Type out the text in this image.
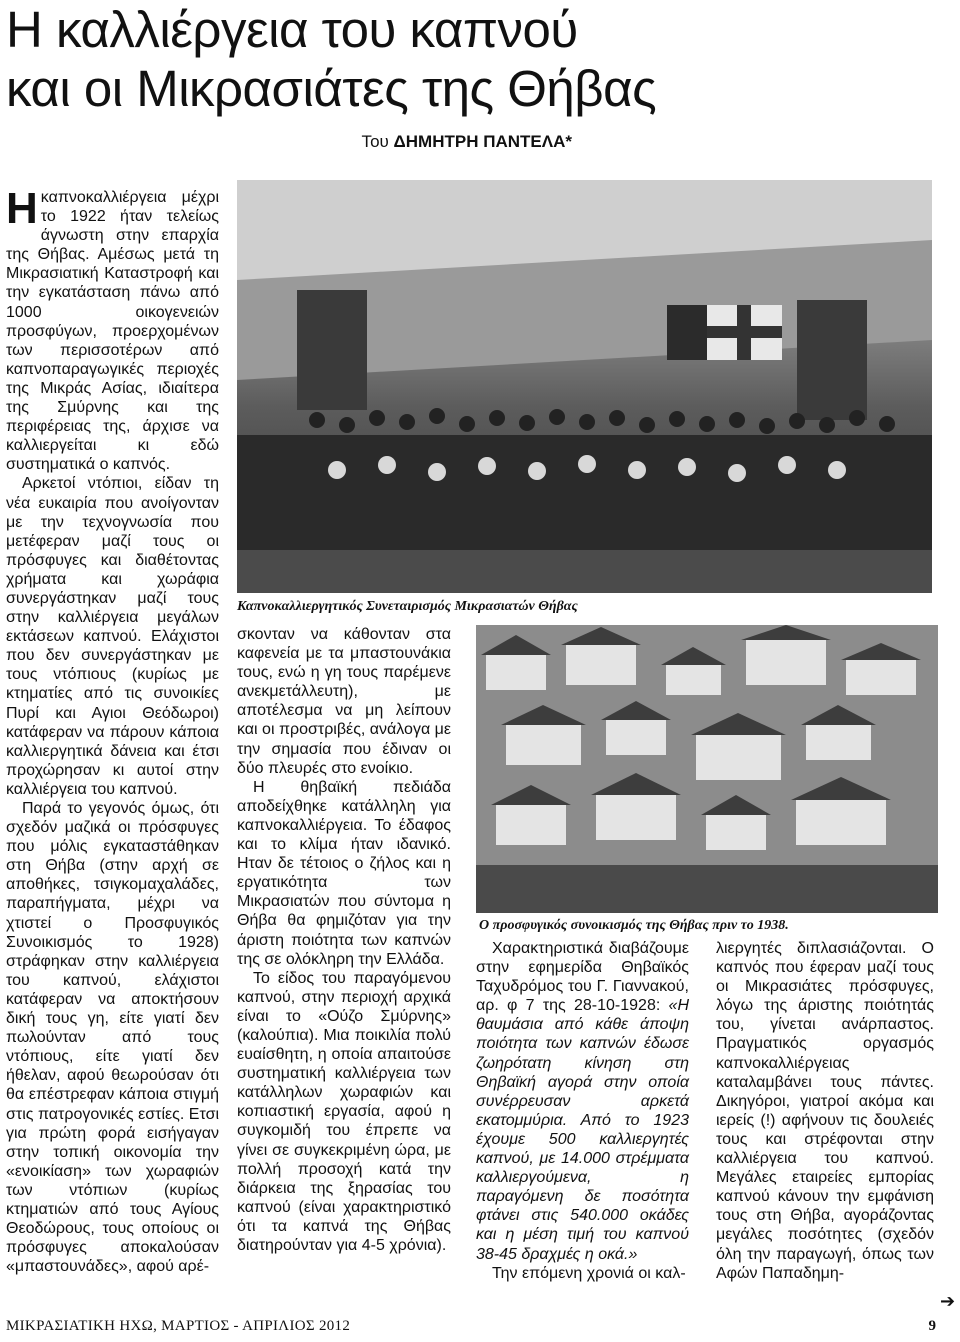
Η καλλιέργεια του καπνού
και οι Μικρασιάτες της Θήβας
Του ΔΗΜΗΤΡΗ ΠΑΝΤΕΛΑ*

Ηκαπνοκαλλιέργεια μέχρι το 1922 ήταν τελείως άγνωστη στην επαρχία της Θήβας. Αμέσως μετά τη Μικρασιατική Καταστροφή και την εγκατάσταση πάνω από 1000 οικογενειών προσφύγων, προερχομένων των περισσοτέρων από καπνοπαραγωγικές περιοχές της Μικράς Ασίας, ιδιαίτερα της Σμύρνης και της περιφέρειας της, άρχισε να καλλιεργείται κι εδώ συστηματικά ο καπνός.

Αρκετοί ντόπιοι, είδαν τη νέα ευκαιρία που ανοίγονταν με την τεχνογνωσία που μετέφεραν μαζί τους οι πρόσφυγες και διαθέτοντας χρήματα και χωράφια συνεργάστηκαν μαζί τους στην καλλιέργεια μεγάλων εκτάσεων καπνού. Ελάχιστοι που δεν συνεργάστηκαν με τους ντόπιους (κυρίως με κτηματίες από τις συνοικίες Πυρί και Αγιοι Θεόδωροι) κατάφεραν να πάρουν κάποια καλλιεργητικά δάνεια και έτσι προχώρησαν κι αυτοί στην καλλιέργεια του καπνού.

Παρά το γεγονός όμως, ότι σχεδόν μαζικά οι πρόσφυγες που μόλις εγκαταστάθηκαν στη Θήβα (στην αρχή σε αποθήκες, τσιγκομαχαλάδες, παραπήγματα, μέχρι να χτιστεί ο Προσφυγικός Συνοικισμός το 1928) στράφηκαν στην καλλιέργεια του καπνού, ελάχιστοι κατάφεραν να αποκτήσουν δική τους γη, είτε γιατί δεν πωλούνταν από τους ντόπιους, είτε γιατί δεν ήθελαν, αφού θεωρούσαν ότι θα επέστρεφαν κάποια στιγμή στις πατρογονικές εστίες. Ετσι για πρώτη φορά εισήγαγαν στην τοπική οικονομία την «ενοικίαση» των χωραφιών των ντόπιων (κυρίως κτηματιών από τους Αγίους Θεοδώρους, τους οποίους οι πρόσφυγες αποκαλούσαν «μπαστουνάδες», αφού αρέ-

Καπνοκαλλιεργητικός Συνεταιρισμός Μικρασιατών Θήβας

σκονταν να κάθονταν στα καφενεία με τα μπαστουνάκια τους, ενώ η γη τους παρέμενε ανεκμετάλλευτη), με αποτέλεσμα να μη λείπουν και οι προστριβές, ανάλογα με την σημασία που έδιναν οι δύο πλευρές στο ενοίκιο.

Η θηβαϊκή πεδιάδα αποδείχθηκε κατάλληλη για καπνοκαλλιέργεια. Το έδαφος και το κλίμα ήταν ιδανικό. Ηταν δε τέτοιος ο ζήλος και η εργατικότητα των Μικρασιατών που σύντομα η Θήβα θα φημιζόταν για την άριστη ποιότητα των καπνών της σε ολόκληρη την Ελλάδα.

Το είδος του παραγόμενου καπνού, στην περιοχή αρχικά είναι το «Ούζο Σμύρνης» (καλούπια). Μια ποικιλία πολύ ευαίσθητη, η οποία απαιτούσε συστηματική καλλιέργεια των κατάλληλων χωραφιών και κοπιαστική εργασία, αφού η συγκομιδή του έπρεπε να γίνει σε συγκεκριμένη ώρα, με πολλή προσοχή κατά την διάρκεια της ξηρασίας του καπνού (είναι χαρακτηριστικό ότι τα καπνά της Θήβας διατηρούνταν για 4-5 χρόνια).

Ο προσφυγικός συνοικισμός της Θήβας πριν το 1938.

Χαρακτηριστικά διαβάζουμε στην εφημερίδα Θηβαϊκός Ταχυδρόμος του Γ. Γιαννακού, αρ. φ 7 της 28-10-1928: «Η θαυμάσια από κάθε άποψη ποιότητα των καπνών έδωσε ζωηρότατη κίνηση στη Θηβαϊκή αγορά στην οποία συνέρρευσαν αρκετά εκατομμύρια. Από το 1923 έχουμε 500 καλλιεργητές καπνού, με 14.000 στρέμματα καλλιεργούμενα, η παραγόμενη δε ποσότητα φτάνει στις 540.000 οκάδες και η μέση τιμή του καπνού 38-45 δραχμές η οκά.»

Την επόμενη χρονιά οι καλ-

λιεργητές διπλασιάζονται. Ο καπνός που έφεραν μαζί τους οι Μικρασιάτες πρόσφυγες, λόγω της άριστης ποιότητάς του, γίνεται ανάρπαστος. Πραγματικός οργασμός καπνοκαλλιέργειας καταλαμβάνει τους πάντες. Δικηγόροι, γιατροί ακόμα και ιερείς (!) αφήνουν τις δουλειές τους και στρέφονται στην καλλιέργεια του καπνού. Μεγάλες εταιρείες εμπορίας καπνού κάνουν την εμφάνιση τους στη Θήβα, αγοράζοντας μεγάλες ποσότητες (σχεδόν όλη την παραγωγή, όπως των Αφών Παπαδημη-

➔
ΜΙΚΡΑΣΙΑΤΙΚΗ ΗΧΩ, ΜΑΡΤΙΟΣ - ΑΠΡΙΛΙΟΣ 2012	9
